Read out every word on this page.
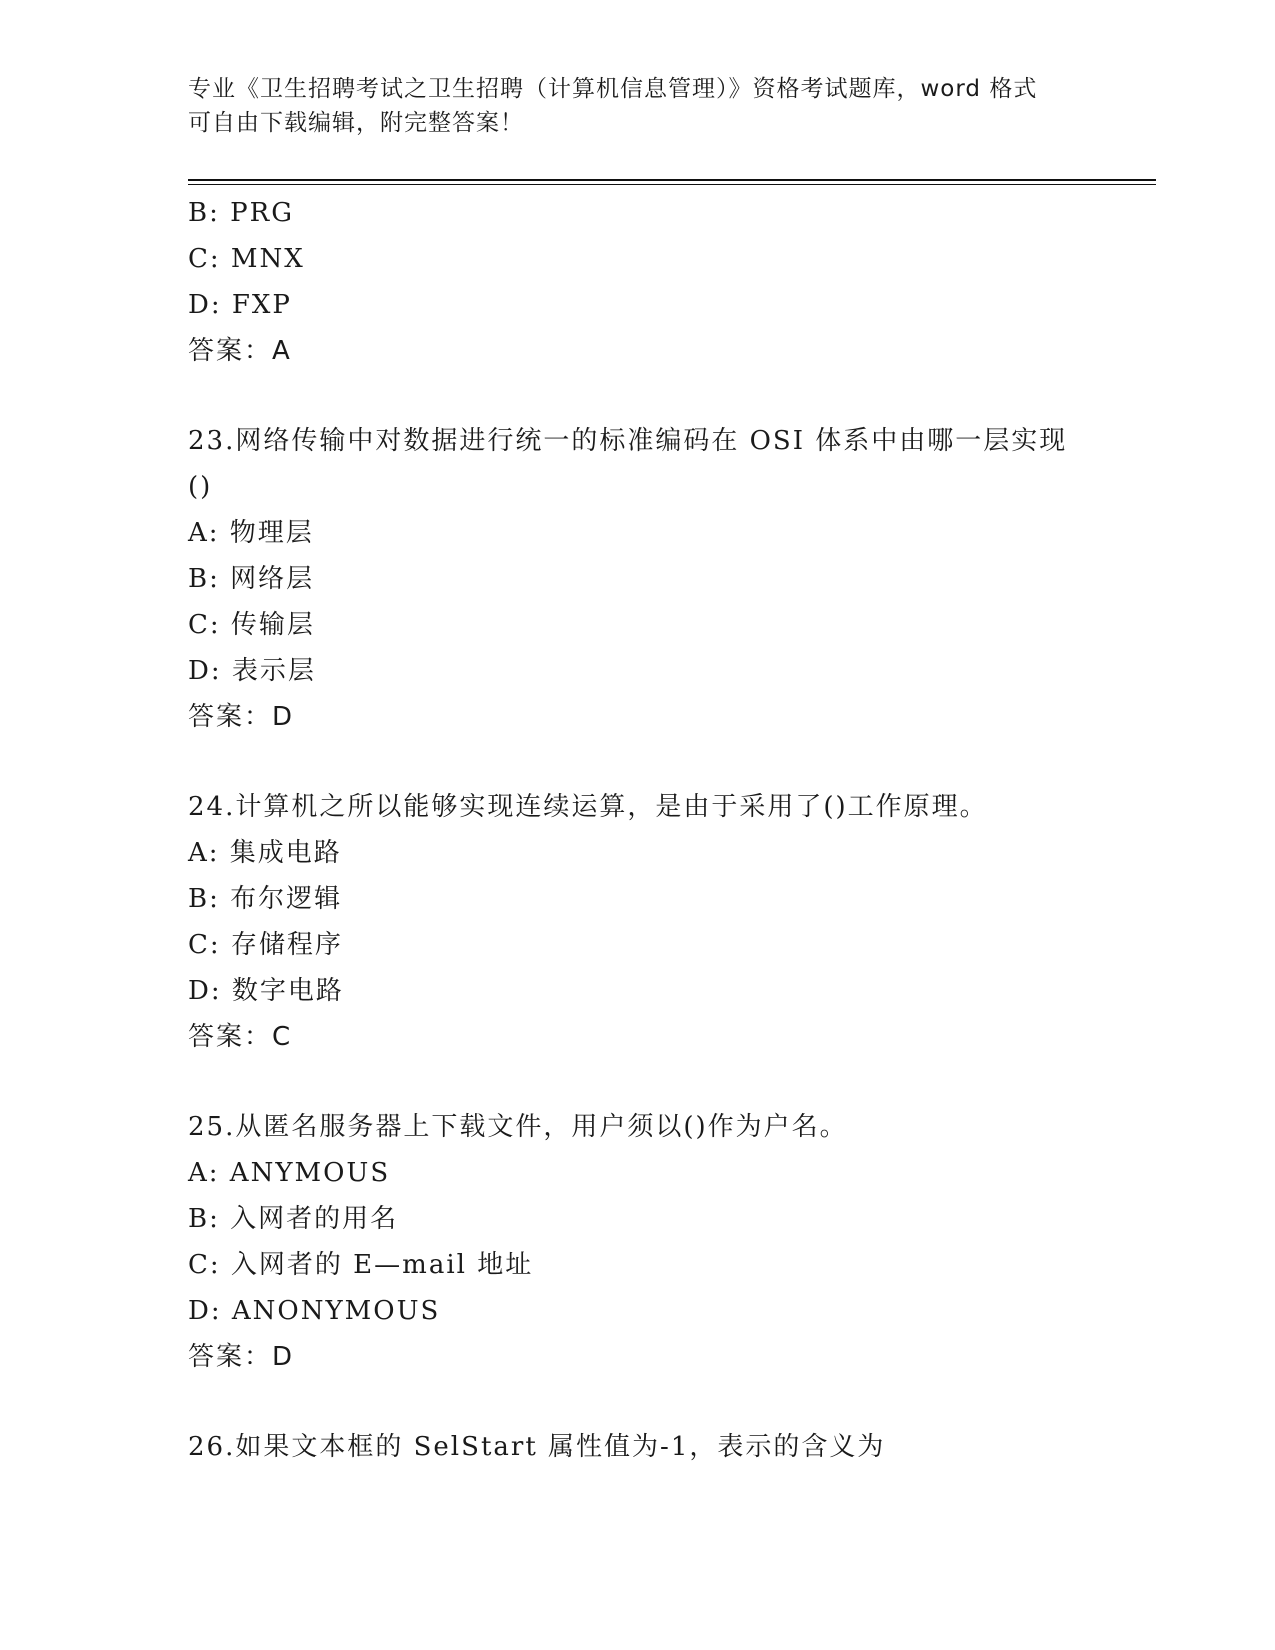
专业《卫生招聘考试之卫生招聘（计算机信息管理）》资格考试题库，word 格式
可自由下载编辑，附完整答案！
B: PRG
C: MNX
D: FXP
答案：A
23.网络传输中对数据进行统一的标准编码在 OSI 体系中由哪一层实现
()
A: 物理层
B: 网络层
C: 传输层
D: 表示层
答案：D
24.计算机之所以能够实现连续运算，是由于采用了()工作原理。
A: 集成电路
B: 布尔逻辑
C: 存储程序
D: 数字电路
答案：C
25.从匿名服务器上下载文件，用户须以()作为户名。
A: ANYMOUS
B: 入网者的用名
C: 入网者的 E—mail 地址
D: ANONYMOUS
答案：D
26.如果文本框的 SelStart 属性值为-1，表示的含义为
